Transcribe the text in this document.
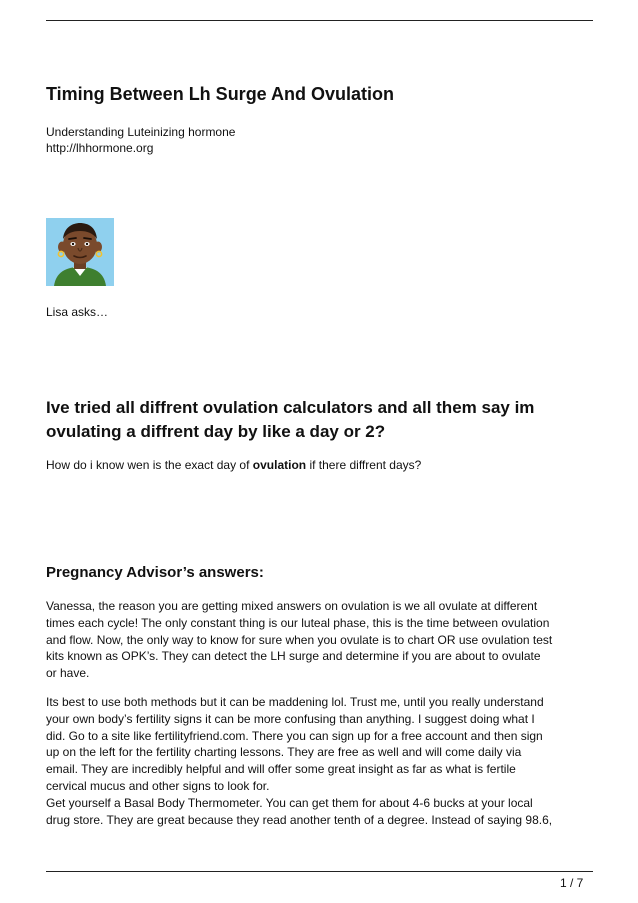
Timing Between Lh Surge And Ovulation
Understanding Luteinizing hormone
http://lhhormone.org
Lisa asks…
Ive tried all diffrent ovulation calculators and all them say im ovulating a diffrent day by like a day or 2?
How do i know wen is the exact day of ovulation if there diffrent days?
Pregnancy Advisor’s answers:
Vanessa, the reason you are getting mixed answers on ovulation is we all ovulate at different
times each cycle! The only constant thing is our luteal phase, this is the time between ovulation
and flow. Now, the only way to know for sure when you ovulate is to chart OR use ovulation test
kits known as OPK’s. They can detect the LH surge and determine if you are about to ovulate
or have.
Its best to use both methods but it can be maddening lol. Trust me, until you really understand
your own body’s fertility signs it can be more confusing than anything. I suggest doing what I
did. Go to a site like fertilityfriend.com. There you can sign up for a free account and then sign
up on the left for the fertility charting lessons. They are free as well and will come daily via
email. They are incredibly helpful and will offer some great insight as far as what is fertile
cervical mucus and other signs to look for.
Get yourself a Basal Body Thermometer. You can get them for about 4-6 bucks at your local
drug store. They are great because they read another tenth of a degree. Instead of saying 98.6,
1 / 7
